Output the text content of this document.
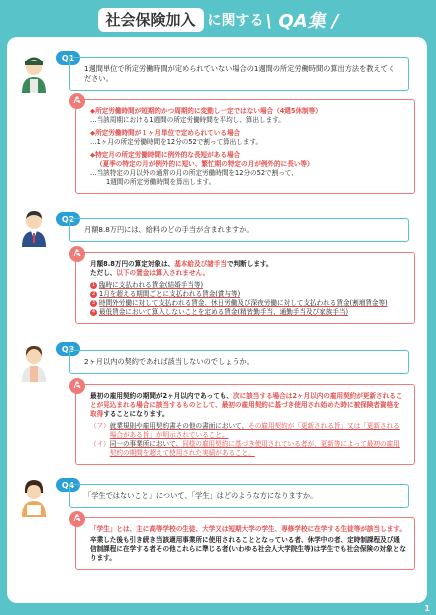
社会保険加入 に関する \ QA集 /
Q1
1週間単位で所定労働時間が定められていない場合の1週間の所定労働時間の算出方法を教えてください。
A
◆所定労働時間が短期的かつ周期的に変動し一定ではない場合（4週5休制等）
…当該周期における1週間の所定労働時間を平均し、算出します。
◆所定労働時間が１ヶ月単位で定められている場合
…1ヶ月の所定労働時間を12分の52で割って算出します。
◆特定月の所定労働時間に例外的な長短がある場合
（夏季の特定の月が例外的に短い、繁忙期の特定の月が例外的に長い等）
…当該特定の月以外の通常の月の所定労働時間を12分の52で割って、
1週間の所定労働時間を算出します。
Q2
月額8.8万円には、給料のどの手当が含まれますか。
A
月額8.8万円の算定対象は、基本給及び諸手当で判断します。
ただし、以下の賃金は算入されません。
1 臨時に支払われる賃金(結婚手当等)
2 1月を超える期間ごとに支払われる賃金(賞与等)
3 時間外労働に対して支払われる賃金、休日労働及び深夜労働に対して支払われる賃金(割増賃金等)
4 最低賃金において算入しないことを定める賃金(精皆勤手当、通勤手当及び家族手当)
Q3
2ヶ月以内の契約であれば該当しないのでしょうか。
A
最初の雇用契約の期間が2ヶ月以内であっても、次に該当する場合は2ヶ月以内の雇用契約が更新されることが見込まれる場合に該当するものとして、最初の雇用契約に基づき使用され始めた時に被保険者資格を取得することになります。
（ア） 就業規則や雇用契約書その他の書面において、その雇用契約が「更新される旨」又は「更新される場合がある旨」が明示されていること。
（イ） 同一の事業所において、同様の雇用契約に基づき使用されている者が、更新等によって最初の雇用契約の期間を超えて使用された実績があること。
Q4
「学生ではないこと」について、「学生」はどのような方になりますか。
A
「学生」とは、主に高等学校の生徒、大学又は短期大学の学生、専修学校に在学する生徒等が該当します。
卒業した後も引き続き当該適用事業所に使用されることとなっている者、休学中の者、定時制課程及び通信制課程に在学する者その他これらに準じる者(いわゆる社会人大学院生等)は学生でも社会保険の対象となります。
1
